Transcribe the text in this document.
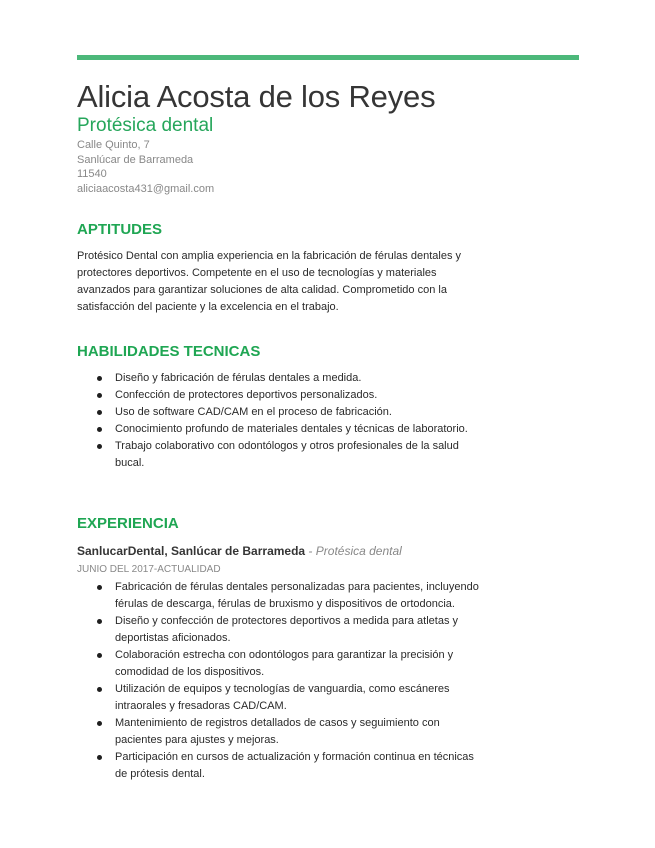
Alicia Acosta de los Reyes
Protésica dental
Calle Quinto, 7
Sanlúcar de Barrameda
11540
aliciaacosta431@gmail.com
APTITUDES
Protésico Dental con amplia experiencia en la fabricación de férulas dentales y protectores deportivos. Competente en el uso de tecnologías y materiales avanzados para garantizar soluciones de alta calidad. Comprometido con la satisfacción del paciente y la excelencia en el trabajo.
HABILIDADES TECNICAS
Diseño y fabricación de férulas dentales a medida.
Confección de protectores deportivos personalizados.
Uso de software CAD/CAM en el proceso de fabricación.
Conocimiento profundo de materiales dentales y técnicas de laboratorio.
Trabajo colaborativo con odontólogos y otros profesionales de la salud bucal.
EXPERIENCIA
SanlucarDental, Sanlúcar de Barrameda - Protésica dental
JUNIO DEL 2017-ACTUALIDAD
Fabricación de férulas dentales personalizadas para pacientes, incluyendo férulas de descarga, férulas de bruxismo y dispositivos de ortodoncia.
Diseño y confección de protectores deportivos a medida para atletas y deportistas aficionados.
Colaboración estrecha con odontólogos para garantizar la precisión y comodidad de los dispositivos.
Utilización de equipos y tecnologías de vanguardia, como escáneres intraorales y fresadoras CAD/CAM.
Mantenimiento de registros detallados de casos y seguimiento con pacientes para ajustes y mejoras.
Participación en cursos de actualización y formación continua en técnicas de prótesis dental.
